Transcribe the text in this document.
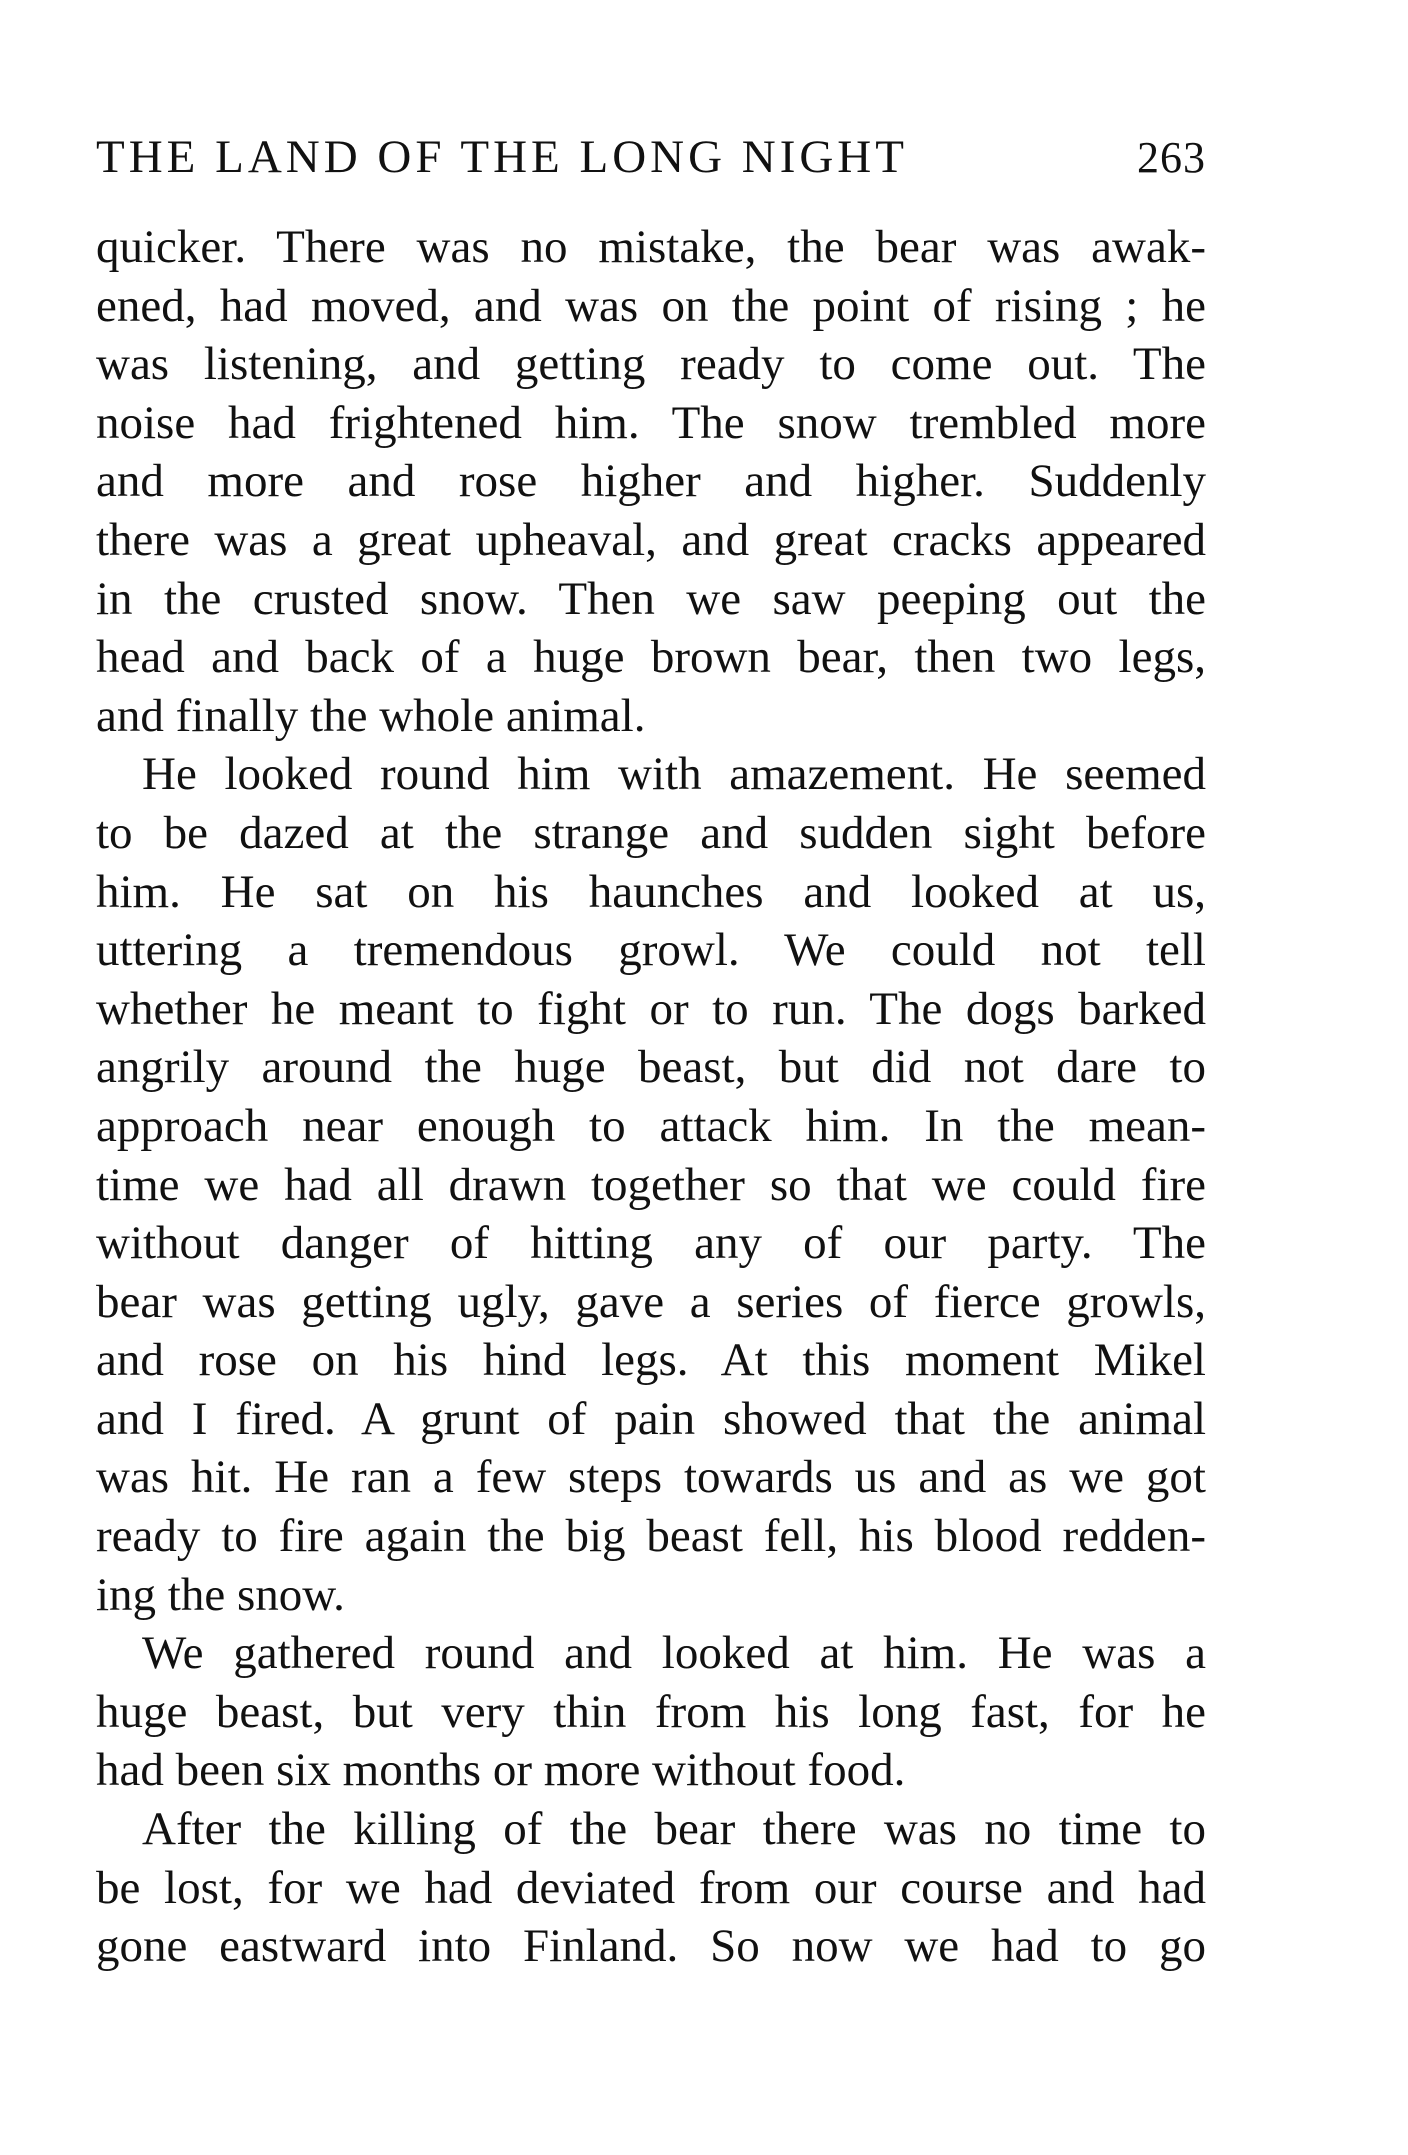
THE LAND OF THE LONG NIGHT	263
quicker. There was no mistake, the bear was awak-
ened, had moved, and was on the point of rising ; he
was listening, and getting ready to come out. The
noise had frightened him. The snow trembled more
and more and rose higher and higher. Suddenly
there was a great upheaval, and great cracks appeared
in the crusted snow. Then we saw peeping out the
head and back of a huge brown bear, then two legs,
and finally the whole animal.
He looked round him with amazement. He seemed
to be dazed at the strange and sudden sight before
him. He sat on his haunches and looked at us,
uttering a tremendous growl. We could not tell
whether he meant to fight or to run. The dogs barked
angrily around the huge beast, but did not dare to
approach near enough to attack him. In the mean-
time we had all drawn together so that we could fire
without danger of hitting any of our party. The
bear was getting ugly, gave a series of fierce growls,
and rose on his hind legs. At this moment Mikel
and I fired. A grunt of pain showed that the animal
was hit. He ran a few steps towards us and as we got
ready to fire again the big beast fell, his blood redden-
ing the snow.
We gathered round and looked at him. He was a
huge beast, but very thin from his long fast, for he
had been six months or more without food.
After the killing of the bear there was no time to
be lost, for we had deviated from our course and had
gone eastward into Finland. So now we had to go
